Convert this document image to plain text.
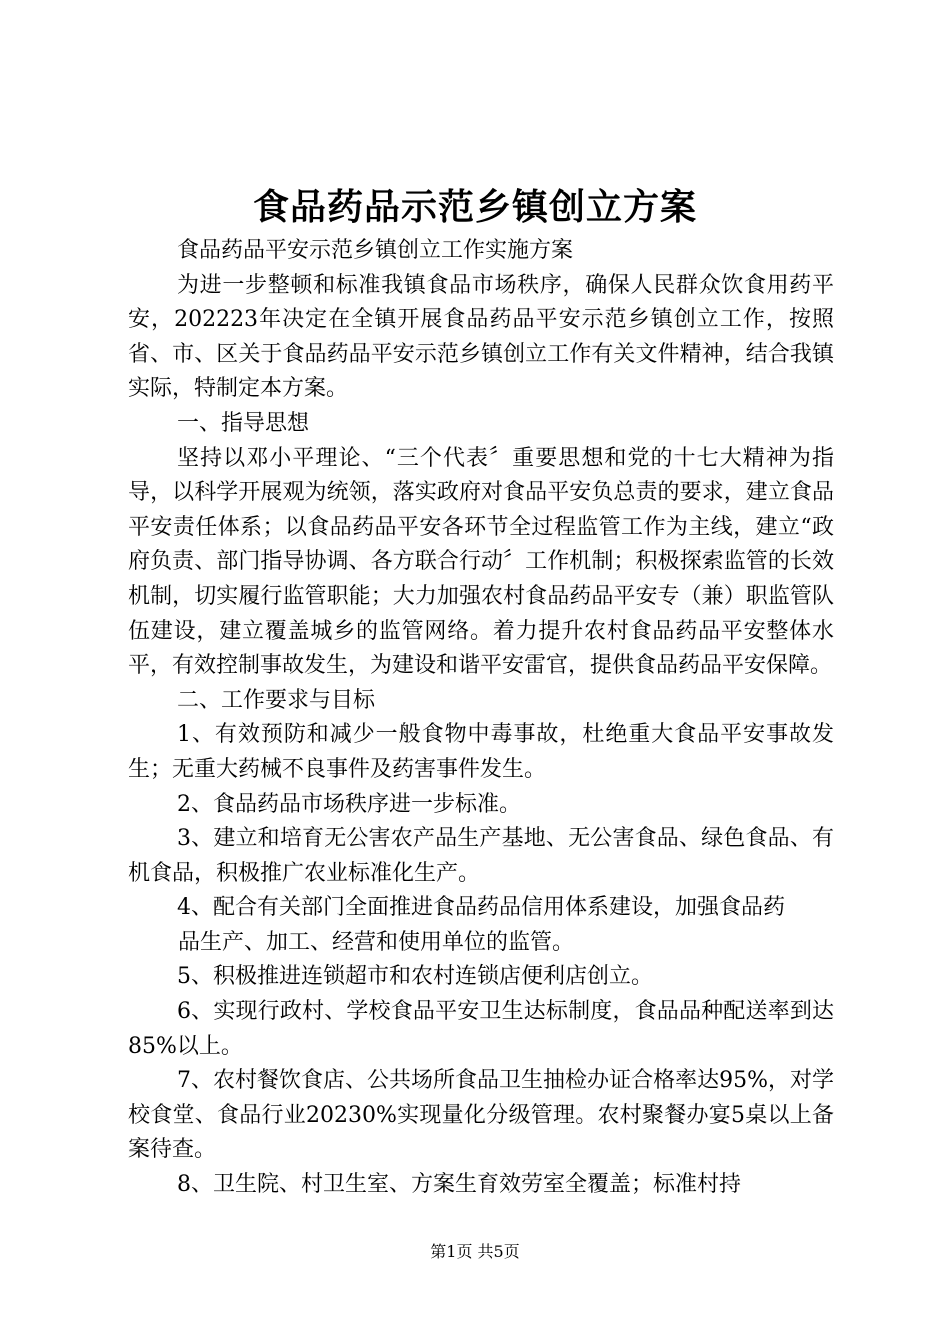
食品药品示范乡镇创立方案

食品药品平安示范乡镇创立工作实施方案

为进一步整顿和标准我镇食品市场秩序，确保人民群众饮食用药平安，202223年决定在全镇开展食品药品平安示范乡镇创立工作，按照省、市、区关于食品药品平安示范乡镇创立工作有关文件精神，结合我镇实际，特制定本方案。

一、指导思想

坚持以邓小平理论、“三个代表〞重要思想和党的十七大精神为指导，以科学开展观为统领，落实政府对食品平安负总责的要求，建立食品平安责任体系；以食品药品平安各环节全过程监管工作为主线，建立“政府负责、部门指导协调、各方联合行动〞工作机制；积极探索监管的长效机制，切实履行监管职能；大力加强农村食品药品平安专（兼）职监管队伍建设，建立覆盖城乡的监管网络。着力提升农村食品药品平安整体水平，有效控制事故发生，为建设和谐平安雷官，提供食品药品平安保障。

二、工作要求与目标

1、有效预防和减少一般食物中毒事故，杜绝重大食品平安事故发生；无重大药械不良事件及药害事件发生。

2、食品药品市场秩序进一步标准。

3、建立和培育无公害农产品生产基地、无公害食品、绿色食品、有机食品，积极推广农业标准化生产。

4、配合有关部门全面推进食品药品信用体系建设，加强食品药

品生产、加工、经营和使用单位的监管。

5、积极推进连锁超市和农村连锁店便利店创立。

6、实现行政村、学校食品平安卫生达标制度，食品品种配送率到达85%以上。

7、农村餐饮食店、公共场所食品卫生抽检办证合格率达95%，对学校食堂、食品行业20230%实现量化分级管理。农村聚餐办宴5桌以上备案待查。

8、卫生院、村卫生室、方案生育效劳室全覆盖；标准村持

第1页 共5页
